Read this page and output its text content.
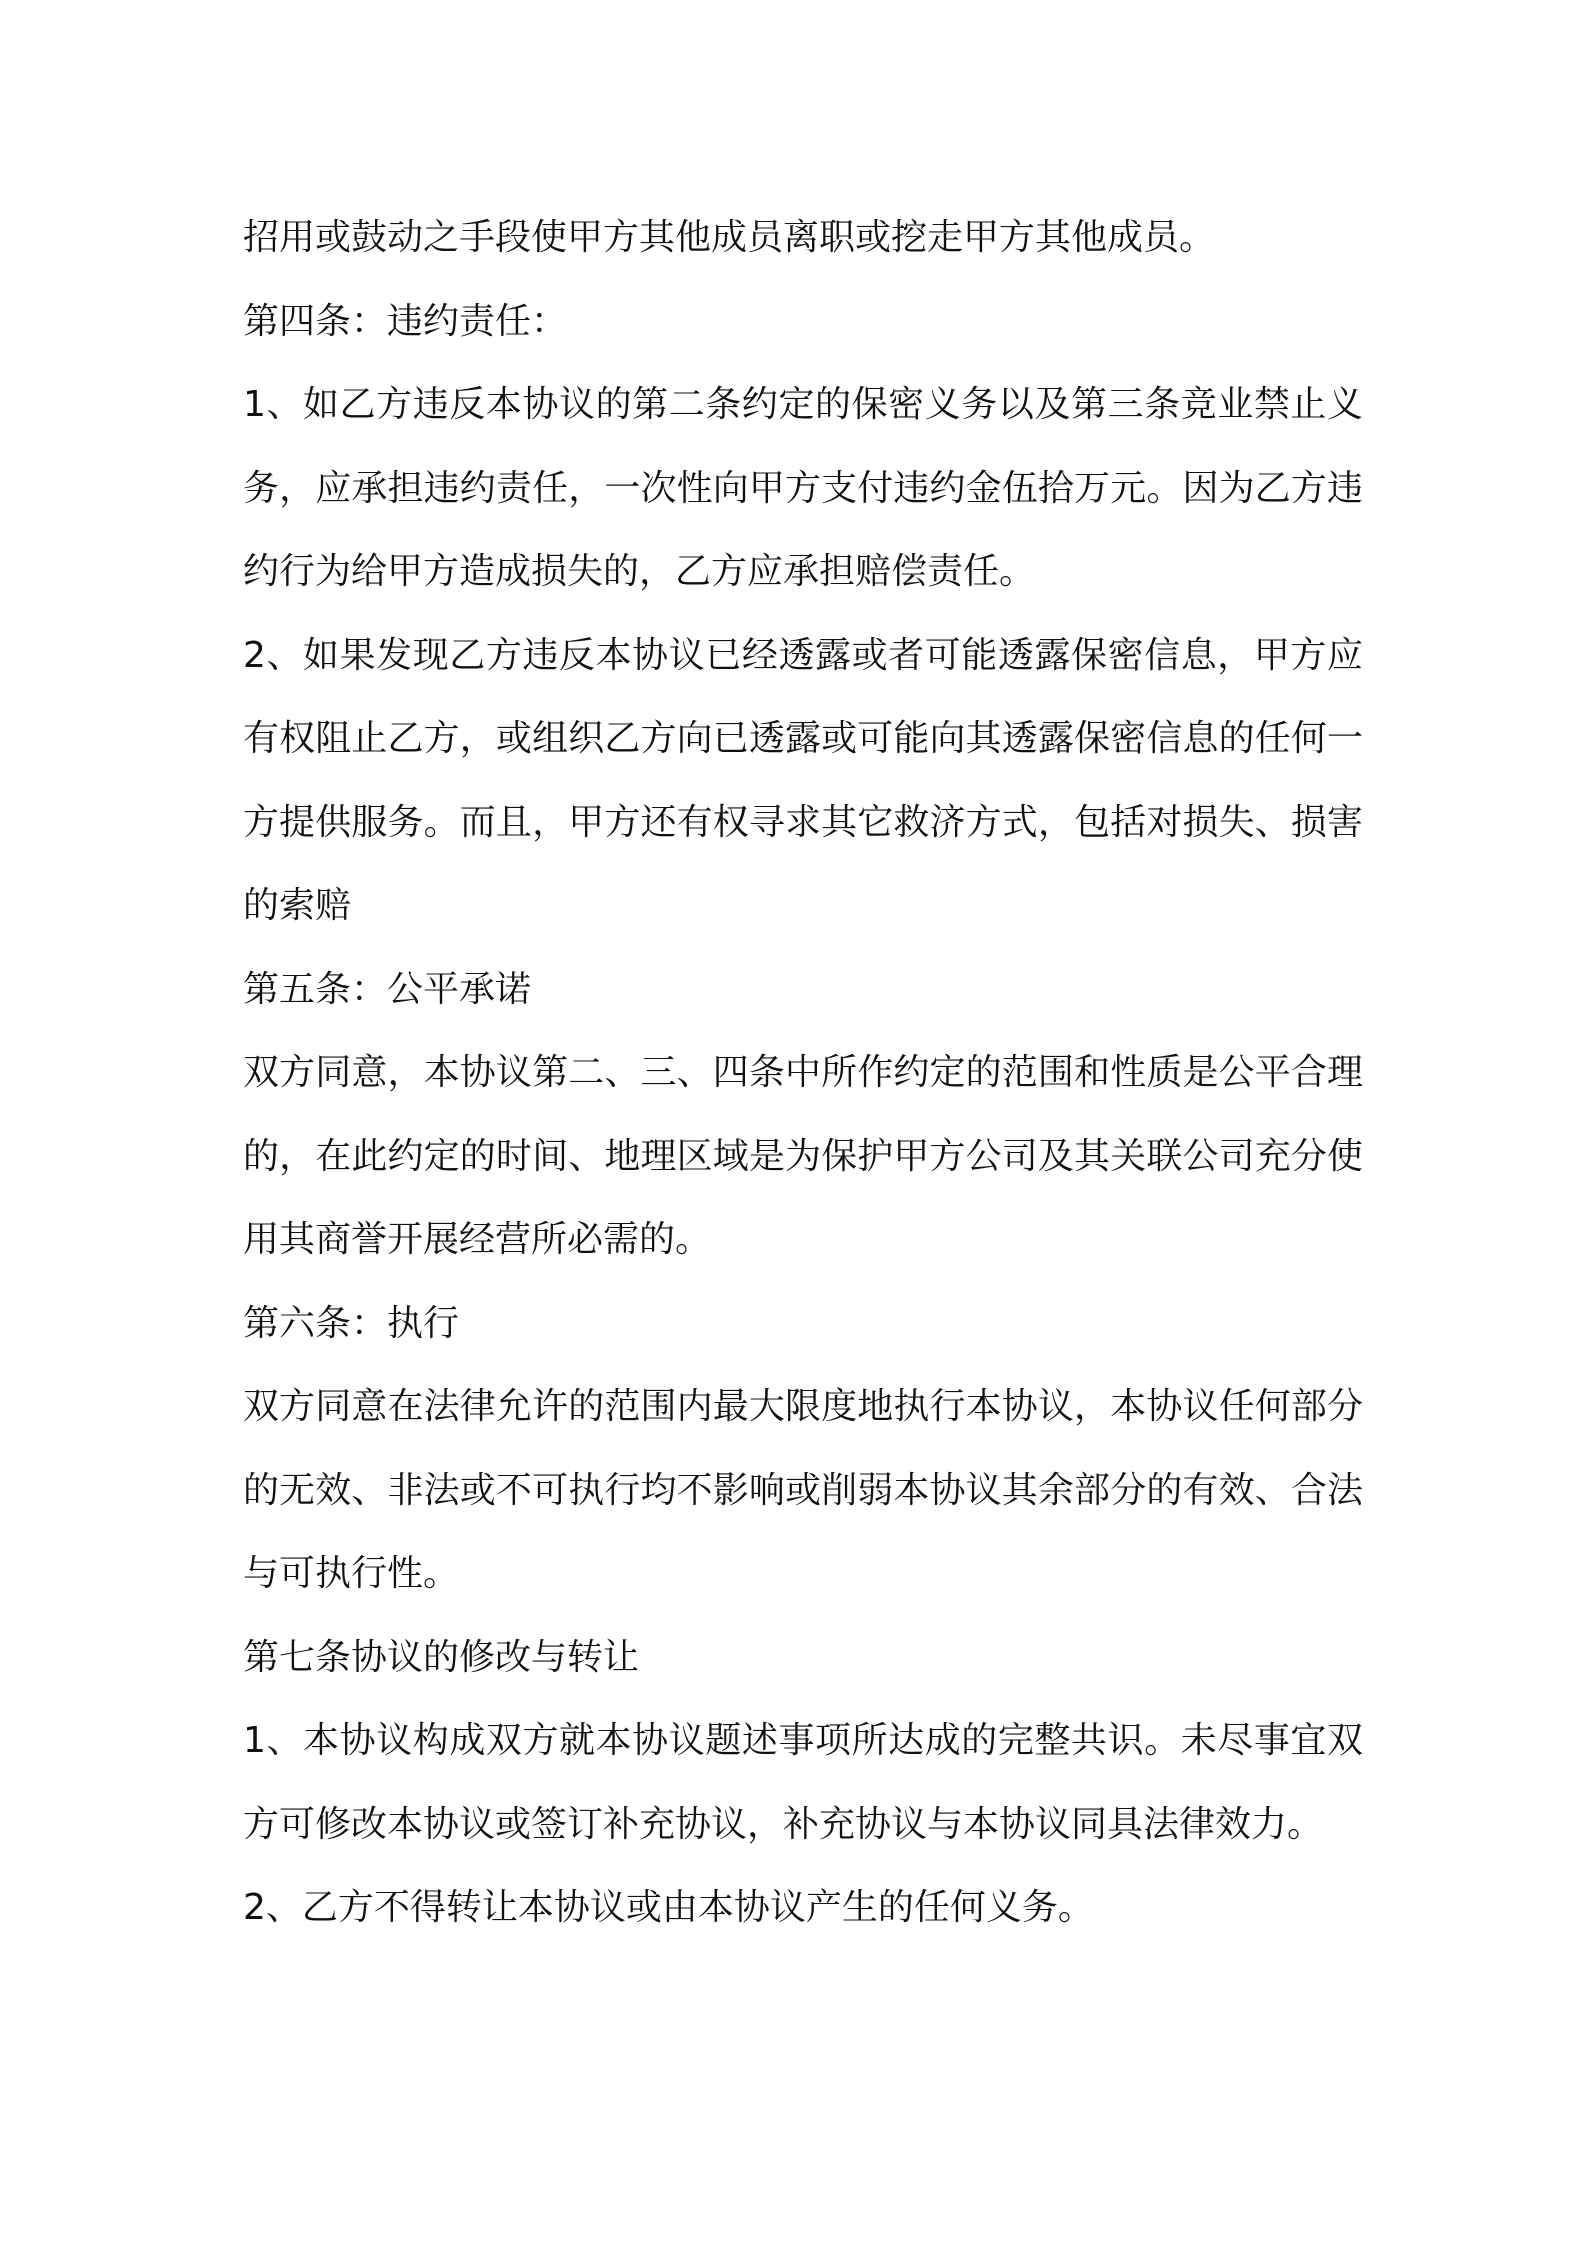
招用或鼓动之手段使甲方其他成员离职或挖走甲方其他成员。

第四条：违约责任：

1、如乙方违反本协议的第二条约定的保密义务以及第三条竞业禁止义务，应承担违约责任，一次性向甲方支付违约金伍拾万元。因为乙方违约行为给甲方造成损失的，乙方应承担赔偿责任。

2、如果发现乙方违反本协议已经透露或者可能透露保密信息，甲方应有权阻止乙方，或组织乙方向已透露或可能向其透露保密信息的任何一方提供服务。而且，甲方还有权寻求其它救济方式，包括对损失、损害的索赔

第五条：公平承诺

双方同意，本协议第二、三、四条中所作约定的范围和性质是公平合理的，在此约定的时间、地理区域是为保护甲方公司及其关联公司充分使用其商誉开展经营所必需的。

第六条：执行

双方同意在法律允许的范围内最大限度地执行本协议，本协议任何部分的无效、非法或不可执行均不影响或削弱本协议其余部分的有效、合法与可执行性。

第七条协议的修改与转让

1、本协议构成双方就本协议题述事项所达成的完整共识。未尽事宜双方可修改本协议或签订补充协议，补充协议与本协议同具法律效力。

2、乙方不得转让本协议或由本协议产生的任何义务。
